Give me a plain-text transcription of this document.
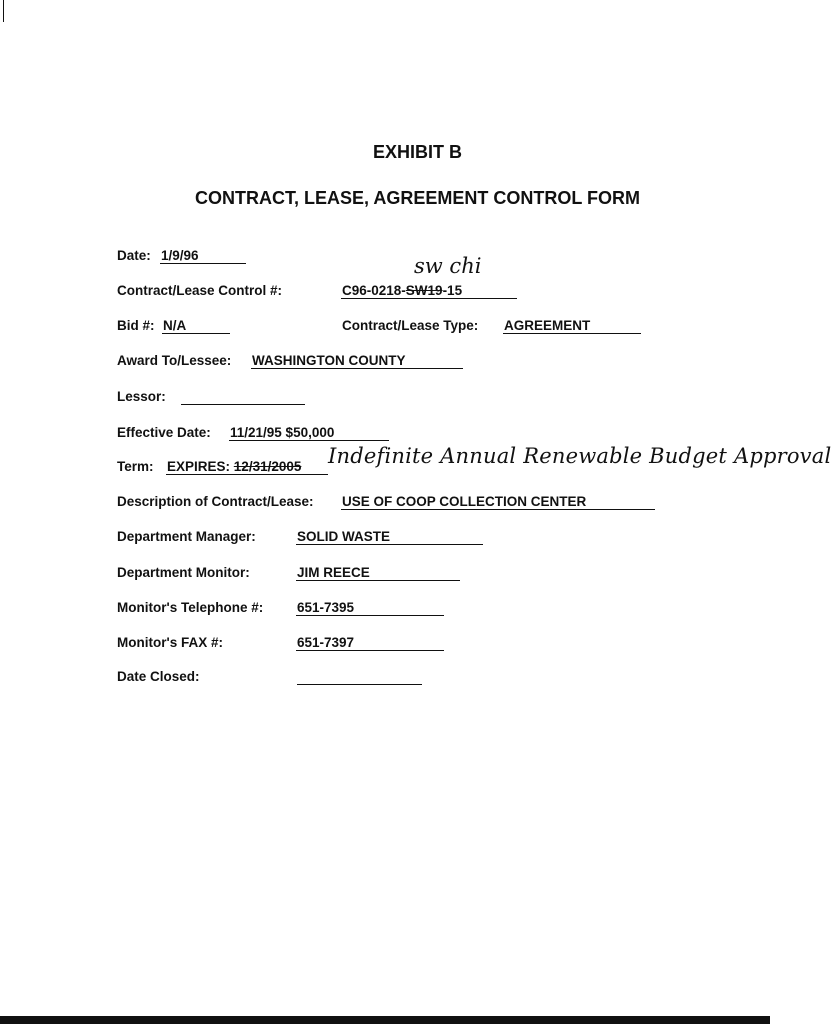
EXHIBIT B
CONTRACT, LEASE, AGREEMENT CONTROL FORM
Date: 1/9/96	sw chi
Contract/Lease Control #:	C96-0218-SW19-15
Bid #: N/A	Contract/Lease Type: AGREEMENT
Award To/Lessee: WASHINGTON COUNTY
Lessor:
Effective Date: 11/21/95 $50,000
Term: EXPIRES: 12/31/2005 Indefinite Annual Renewable Budget Approval
Description of Contract/Lease: USE OF COOP COLLECTION CENTER
Department Manager:	SOLID WASTE
Department Monitor:	JIM REECE
Monitor's Telephone #:	651-7395
Monitor's FAX #:	651-7397
Date Closed:
